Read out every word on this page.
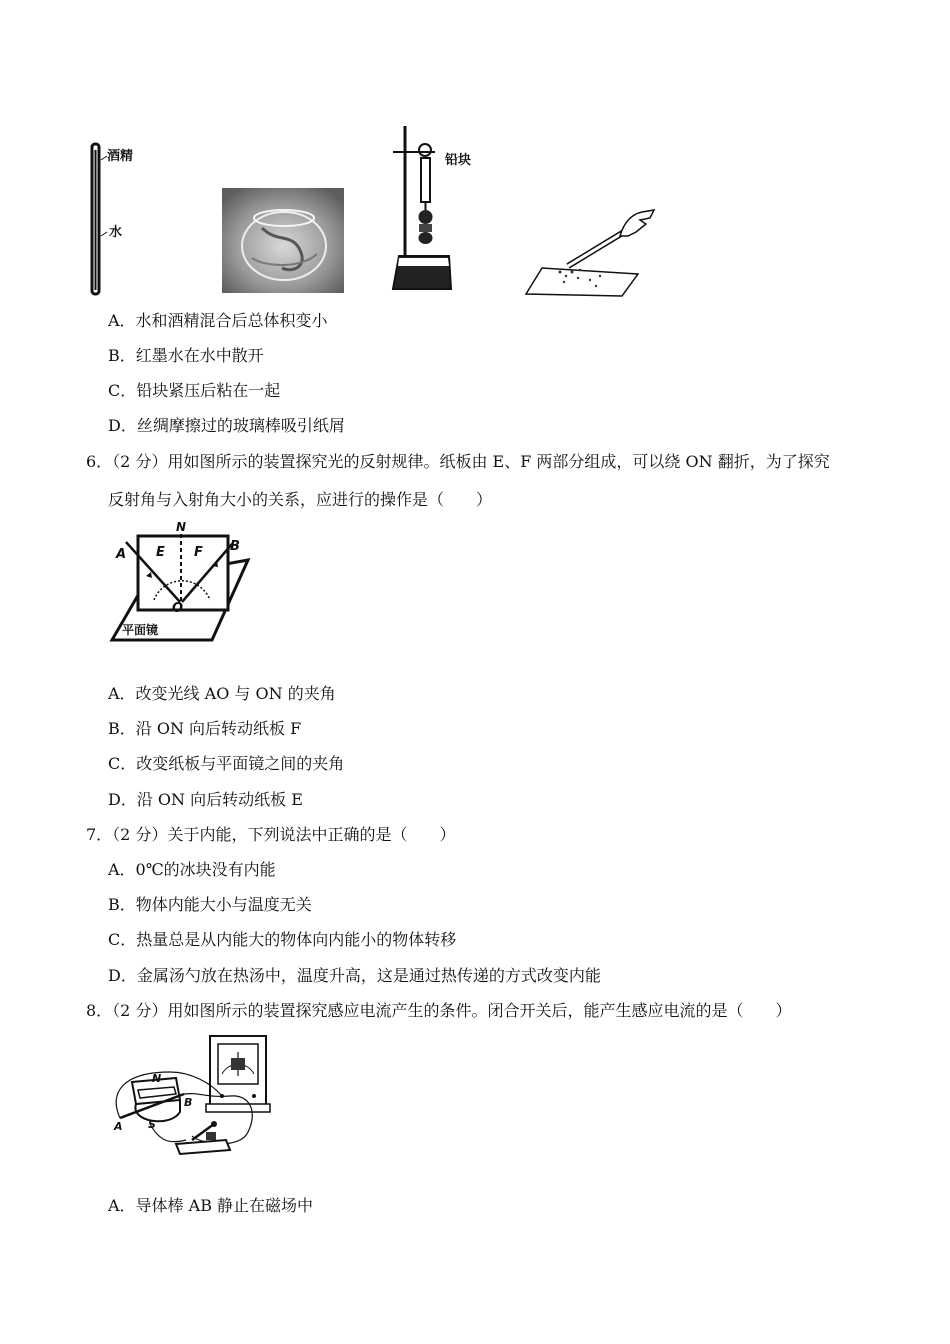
酒精
水
铅块
A．水和酒精混合后总体积变小
B．红墨水在水中散开
C．铅块紧压后粘在一起
D．丝绸摩擦过的玻璃棒吸引纸屑
6．（2 分）用如图所示的装置探究光的反射规律。纸板由 E、F 两部分组成，可以绕 ON 翻折，为了探究
反射角与入射角大小的关系，应进行的操作是（　　）
N
A
B
E F
O
平面镜
A．改变光线 AO 与 ON 的夹角
B．沿 ON 向后转动纸板 F
C．改变纸板与平面镜之间的夹角
D．沿 ON 向后转动纸板 E
7．（2 分）关于内能，下列说法中正确的是（　　）
A．0℃的冰块没有内能
B．物体内能大小与温度无关
C．热量总是从内能大的物体向内能小的物体转移
D．金属汤勺放在热汤中，温度升高，这是通过热传递的方式改变内能
8．（2 分）用如图所示的装置探究感应电流产生的条件。闭合开关后，能产生感应电流的是（　　）
N
S
A
B
A．导体棒 AB 静止在磁场中
